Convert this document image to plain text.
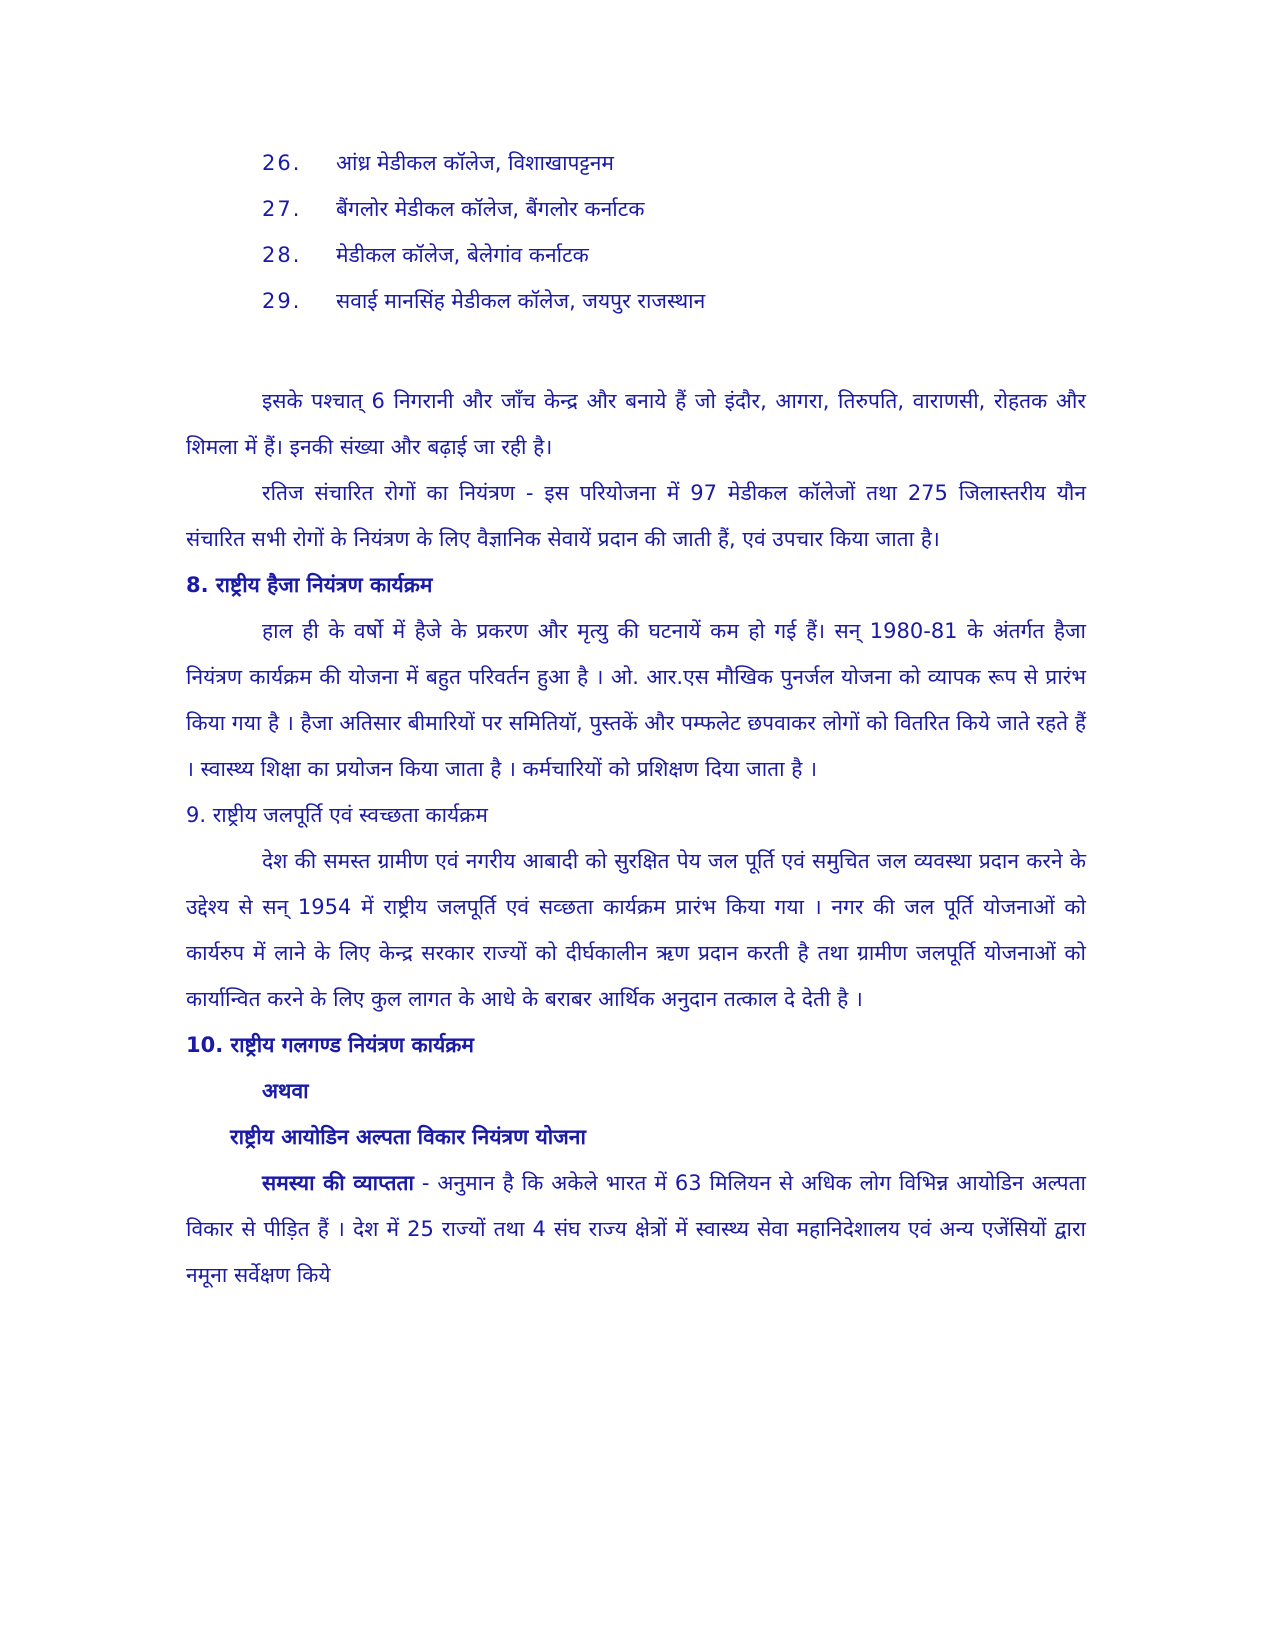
26. आंध्र मेडीकल कॉलेज, विशाखापट्टनम
27. बैंगलोर मेडीकल कॉलेज, बैंगलोर कर्नाटक
28. मेडीकल कॉलेज, बेलेगांव कर्नाटक
29. सवाई मानसिंह मेडीकल कॉलेज, जयपुर राजस्थान

इसके पश्चात् 6 निगरानी और जाँच केन्द्र और बनाये हैं जो इंदौर, आगरा, तिरुपति, वाराणसी, रोहतक और शिमला में हैं। इनकी संख्या और बढ़ाई जा रही है।

रतिज संचारित रोगों का नियंत्रण - इस परियोजना में 97 मेडीकल कॉलेजों तथा 275 जिलास्तरीय यौन संचारित सभी रोगों के नियंत्रण के लिए वैज्ञानिक सेवायें प्रदान की जाती हैं, एवं उपचार किया जाता है।

8. राष्ट्रीय हैजा नियंत्रण कार्यक्रम

हाल ही के वर्षो में हैजे के प्रकरण और मृत्यु की घटनायें कम हो गई हैं। सन् 1980-81 के अंतर्गत हैजा नियंत्रण कार्यक्रम की योजना में बहुत परिवर्तन हुआ है । ओ. आर.एस मौखिक पुनर्जल योजना को व्यापक रूप से प्रारंभ किया गया है । हैजा अतिसार बीमारियों पर समितियॉ, पुस्तकें और पम्फलेट छपवाकर लोगों को वितरित किये जाते रहते हैं । स्वास्थ्य शिक्षा का प्रयोजन किया जाता है । कर्मचारियों को प्रशिक्षण दिया जाता है ।

9. राष्ट्रीय जलपूर्ति एवं स्वच्छता कार्यक्रम

देश की समस्त ग्रामीण एवं नगरीय आबादी को सुरक्षित पेय जल पूर्ति एवं समुचित जल व्यवस्था प्रदान करने के उद्देश्य से सन् 1954 में राष्ट्रीय जलपूर्ति एवं सव्छता कार्यक्रम प्रारंभ किया गया । नगर की जल पूर्ति योजनाओं को कार्यरुप में लाने के लिए केन्द्र सरकार राज्यों को दीर्घकालीन ऋण प्रदान करती है तथा ग्रामीण जलपूर्ति योजनाओं को कार्यान्वित करने के लिए कुल लागत के आधे के बराबर आर्थिक अनुदान तत्काल दे देती है ।

10. राष्ट्रीय गलगण्ड नियंत्रण कार्यक्रम

अथवा

राष्ट्रीय आयोडिन अल्पता विकार नियंत्रण योजना

समस्या की व्याप्तता - अनुमान है कि अकेले भारत में 63 मिलियन से अधिक लोग विभिन्न आयोडिन अल्पता विकार से पीड़ित हैं । देश में 25 राज्यों तथा 4 संघ राज्य क्षेत्रों में स्वास्थ्य सेवा महानिदेशालय एवं अन्य एजेंसियों द्वारा नमूना सर्वेक्षण किये
